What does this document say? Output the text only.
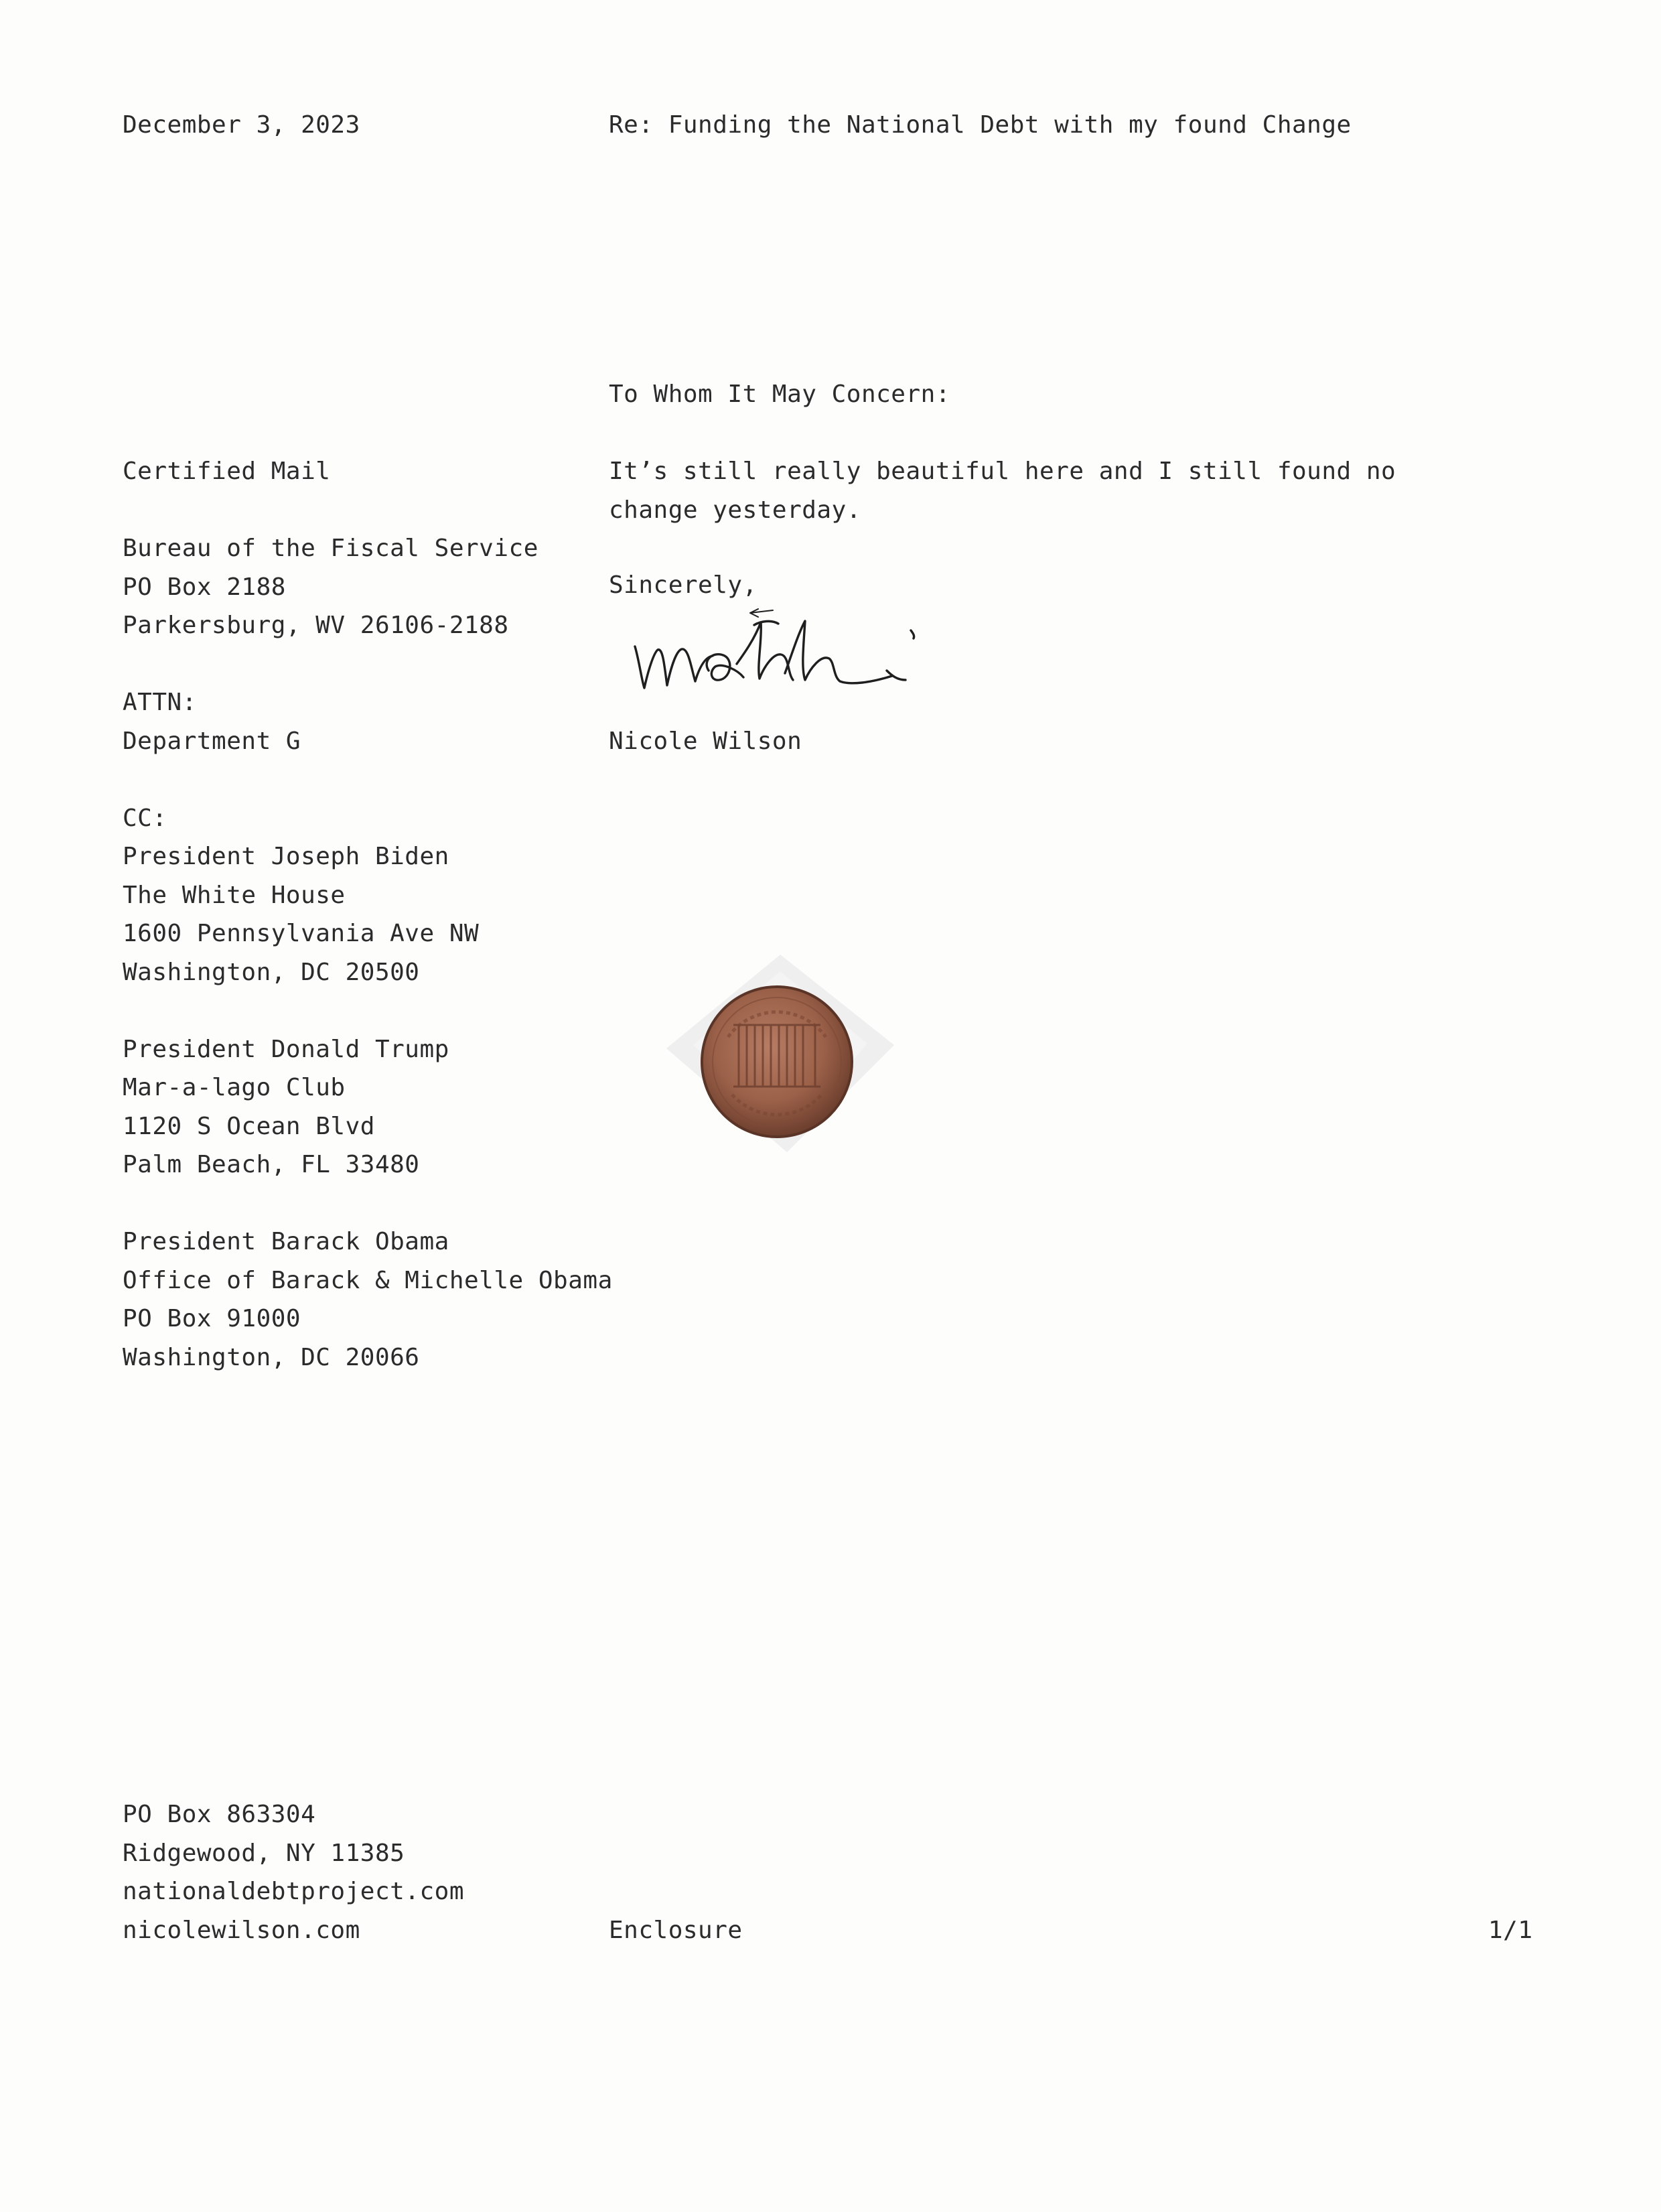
December 3, 2023	Re: Funding the National Debt with my found Change
To Whom It May Concern:
It’s still really beautiful here and I still found no change yesterday.
Sincerely,
Nicole Wilson
Certified Mail
Bureau of the Fiscal Service
PO Box 2188
Parkersburg, WV 26106-2188
ATTN:
Department G
CC:
President Joseph Biden
The White House
1600 Pennsylvania Ave NW
Washington, DC 20500
President Donald Trump
Mar-a-lago Club
1120 S Ocean Blvd
Palm Beach, FL 33480
President Barack Obama
Office of Barack & Michelle Obama
PO Box 91000
Washington, DC 20066
PO Box 863304
Ridgewood, NY 11385
nationaldebtproject.com
nicolewilson.com	Enclosure	1/1
